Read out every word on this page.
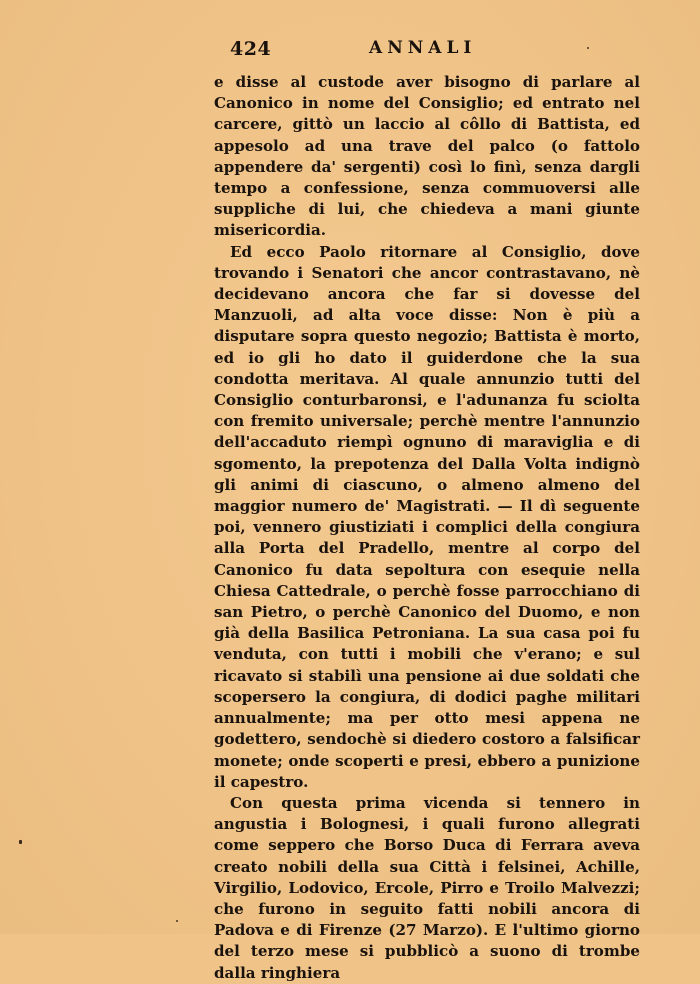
424	ANNALI

e disse al custode aver bisogno di parlare al Canonico in nome del Consiglio; ed entrato nel carcere, gittò un laccio al côllo di Battista, ed appesolo ad una trave del palco (o fattolo appendere da' sergenti) così lo finì, senza dargli tempo a confessione, senza commuoversi alle suppliche di lui, che chiedeva a mani giunte misericordia.

Ed ecco Paolo ritornare al Consiglio, dove trovando i Senatori che ancor contrastavano, nè decidevano ancora che far si dovesse del Manzuoli, ad alta voce disse: Non è più a disputare sopra questo negozio; Battista è morto, ed io gli ho dato il guiderdone che la sua condotta meritava. Al quale annunzio tutti del Consiglio conturbaronsi, e l'adunanza fu sciolta con fremito universale; perchè mentre l'annunzio dell'accaduto riempì ognuno di maraviglia e di sgomento, la prepotenza del Dalla Volta indignò gli animi di ciascuno, o almeno almeno del maggior numero de' Magistrati. — Il dì seguente poi, vennero giustiziati i complici della congiura alla Porta del Pradello, mentre al corpo del Canonico fu data sepoltura con esequie nella Chiesa Cattedrale, o perchè fosse parrocchiano di san Pietro, o perchè Canonico del Duomo, e non già della Basilica Petroniana. La sua casa poi fu venduta, con tutti i mobili che v'erano; e sul ricavato si stabilì una pensione ai due soldati che scopersero la congiura, di dodici paghe militari annualmente; ma per otto mesi appena ne godettero, sendochè si diedero costoro a falsificar monete; onde scoperti e presi, ebbero a punizione il capestro.

Con questa prima vicenda si tennero in angustia i Bolognesi, i quali furono allegrati come seppero che Borso Duca di Ferrara aveva creato nobili della sua Città i felsinei, Achille, Virgilio, Lodovico, Ercole, Pirro e Troilo Malvezzi; che furono in seguito fatti nobili ancora di Padova e di Firenze (27 Marzo). E l'ultimo giorno del terzo mese si pubblicò a suono di trombe dalla ringhiera
